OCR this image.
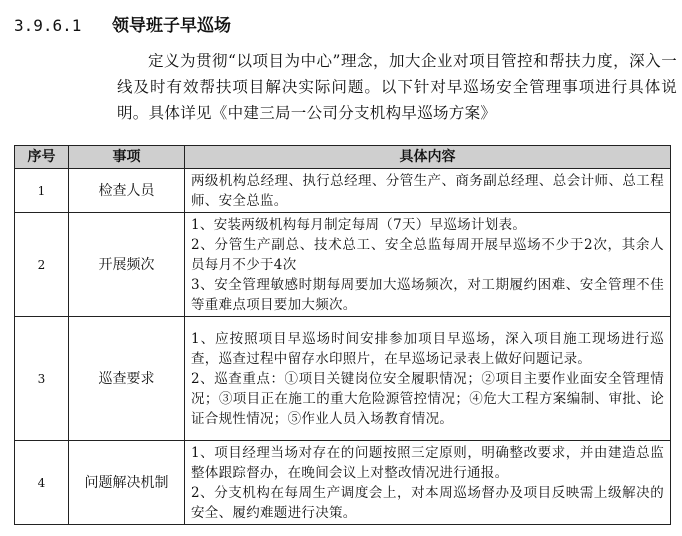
3.9.6.1 领导班子早巡场

定义为贯彻“以项目为中心”理念，加大企业对项目管控和帮扶力度，深入一线及时有效帮扶项目解决实际问题。以下针对早巡场安全管理事项进行具体说明。具体详见《中建三局一公司分支机构早巡场方案》

序号	事项	具体内容
1	检查人员	两级机构总经理、执行总经理、分管生产、商务副总经理、总会计师、总工程师、安全总监。

2	开展频次	1、安装两级机构每月制定每周（7天）早巡场计划表。
2、分管生产副总、技术总工、安全总监每周开展早巡场不少于2次，其余人员每月不少于4次
3、安全管理敏感时期每周要加大巡场频次，对工期履约困难、安全管理不佳等重难点项目要加大频次。

3	巡查要求	1、应按照项目早巡场时间安排参加项目早巡场，深入项目施工现场进行巡查，巡查过程中留存水印照片，在早巡场记录表上做好问题记录。
2、巡查重点：①项目关键岗位安全履职情况；②项目主要作业面安全管理情况；③项目正在施工的重大危险源管控情况；④危大工程方案编制、审批、论证合规性情况；⑤作业人员入场教育情况。

4	问题解决机制	1、项目经理当场对存在的问题按照三定原则，明确整改要求，并由建造总监整体跟踪督办，在晚间会议上对整改情况进行通报。
2、分支机构在每周生产调度会上，对本周巡场督办及项目反映需上级解决的安全、履约难题进行决策。
